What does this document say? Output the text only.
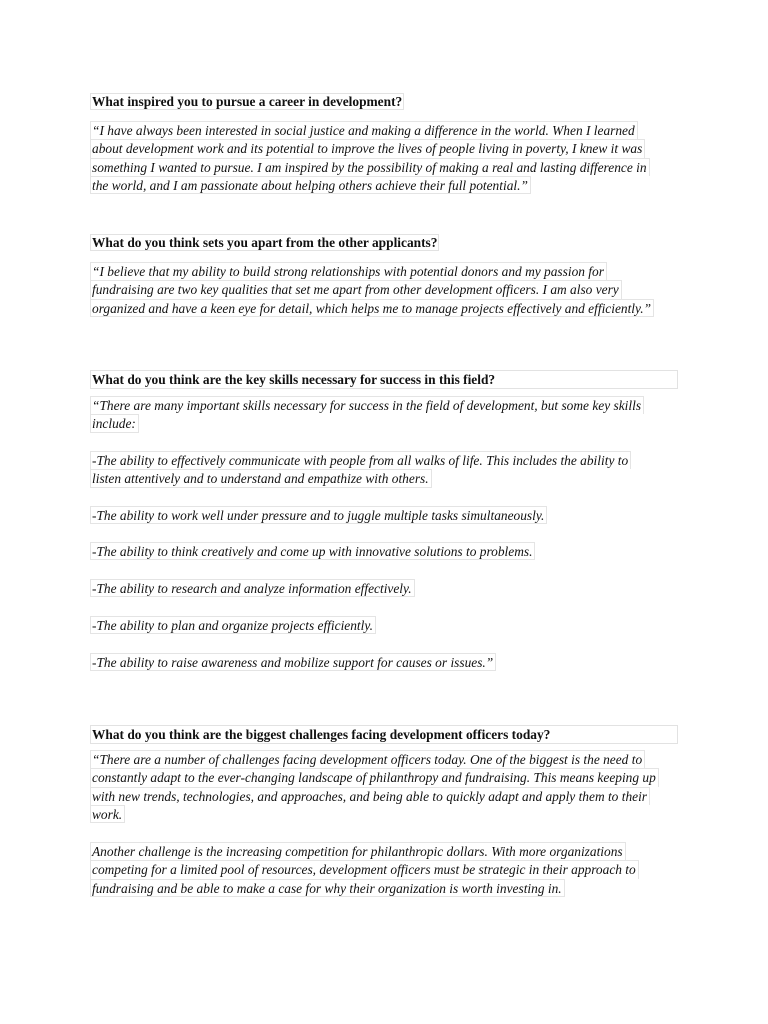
What inspired you to pursue a career in development?

“I have always been interested in social justice and making a difference in the world. When I learned
about development work and its potential to improve the lives of people living in poverty, I knew it was
something I wanted to pursue. I am inspired by the possibility of making a real and lasting difference in
the world, and I am passionate about helping others achieve their full potential.”

What do you think sets you apart from the other applicants?

“I believe that my ability to build strong relationships with potential donors and my passion for
fundraising are two key qualities that set me apart from other development officers. I am also very
organized and have a keen eye for detail, which helps me to manage projects effectively and efficiently.”

What do you think are the key skills necessary for success in this field?

“There are many important skills necessary for success in the field of development, but some key skills
include:
-The ability to effectively communicate with people from all walks of life. This includes the ability to
listen attentively and to understand and empathize with others.
-The ability to work well under pressure and to juggle multiple tasks simultaneously.
-The ability to think creatively and come up with innovative solutions to problems.
-The ability to research and analyze information effectively.
-The ability to plan and organize projects efficiently.
-The ability to raise awareness and mobilize support for causes or issues.”

What do you think are the biggest challenges facing development officers today?

“There are a number of challenges facing development officers today. One of the biggest is the need to
constantly adapt to the ever-changing landscape of philanthropy and fundraising. This means keeping up
with new trends, technologies, and approaches, and being able to quickly adapt and apply them to their
work.
Another challenge is the increasing competition for philanthropic dollars. With more organizations
competing for a limited pool of resources, development officers must be strategic in their approach to
fundraising and be able to make a case for why their organization is worth investing in.
